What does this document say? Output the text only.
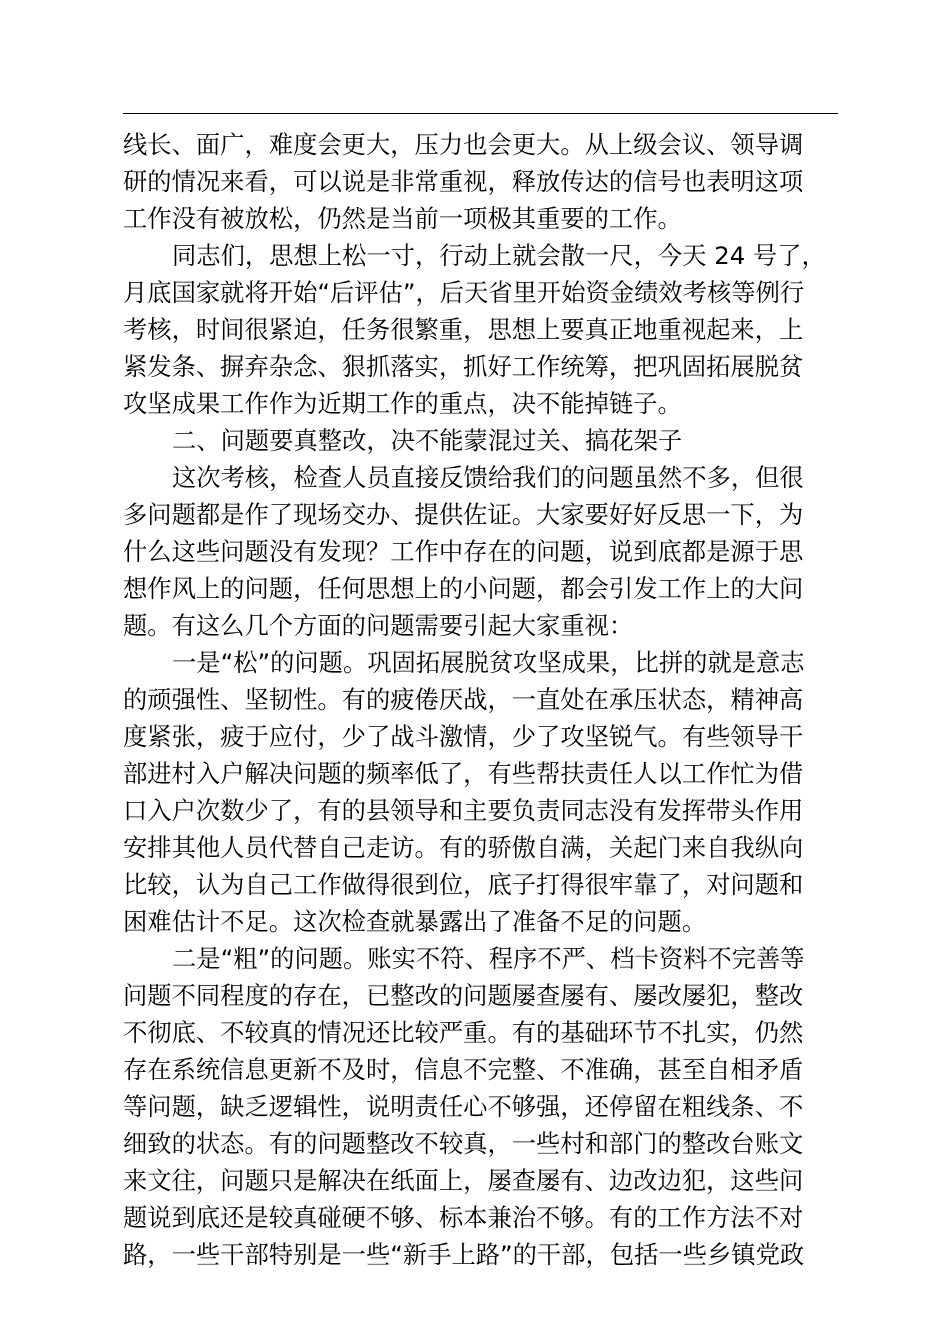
线长、面广，难度会更大，压力也会更大。从上级会议、领导调
研的情况来看，可以说是非常重视，释放传达的信号也表明这项
工作没有被放松，仍然是当前一项极其重要的工作。
同志们，思想上松一寸，行动上就会散一尺，今天 24 号了，
月底国家就将开始“后评估”，后天省里开始资金绩效考核等例行
考核，时间很紧迫，任务很繁重，思想上要真正地重视起来，上
紧发条、摒弃杂念、狠抓落实，抓好工作统筹，把巩固拓展脱贫
攻坚成果工作作为近期工作的重点，决不能掉链子。
二、问题要真整改，决不能蒙混过关、搞花架子
这次考核，检查人员直接反馈给我们的问题虽然不多，但很
多问题都是作了现场交办、提供佐证。大家要好好反思一下，为
什么这些问题没有发现？工作中存在的问题，说到底都是源于思
想作风上的问题，任何思想上的小问题，都会引发工作上的大问
题。有这么几个方面的问题需要引起大家重视：
一是“松”的问题。巩固拓展脱贫攻坚成果，比拼的就是意志
的顽强性、坚韧性。有的疲倦厌战，一直处在承压状态，精神高
度紧张，疲于应付，少了战斗激情，少了攻坚锐气。有些领导干
部进村入户解决问题的频率低了，有些帮扶责任人以工作忙为借
口入户次数少了，有的县领导和主要负责同志没有发挥带头作用
安排其他人员代替自己走访。有的骄傲自满，关起门来自我纵向
比较，认为自己工作做得很到位，底子打得很牢靠了，对问题和
困难估计不足。这次检查就暴露出了准备不足的问题。
二是“粗”的问题。账实不符、程序不严、档卡资料不完善等
问题不同程度的存在，已整改的问题屡查屡有、屡改屡犯，整改
不彻底、不较真的情况还比较严重。有的基础环节不扎实，仍然
存在系统信息更新不及时，信息不完整、不准确，甚至自相矛盾
等问题，缺乏逻辑性，说明责任心不够强，还停留在粗线条、不
细致的状态。有的问题整改不较真，一些村和部门的整改台账文
来文往，问题只是解决在纸面上，屡查屡有、边改边犯，这些问
题说到底还是较真碰硬不够、标本兼治不够。有的工作方法不对
路，一些干部特别是一些“新手上路”的干部，包括一些乡镇党政
